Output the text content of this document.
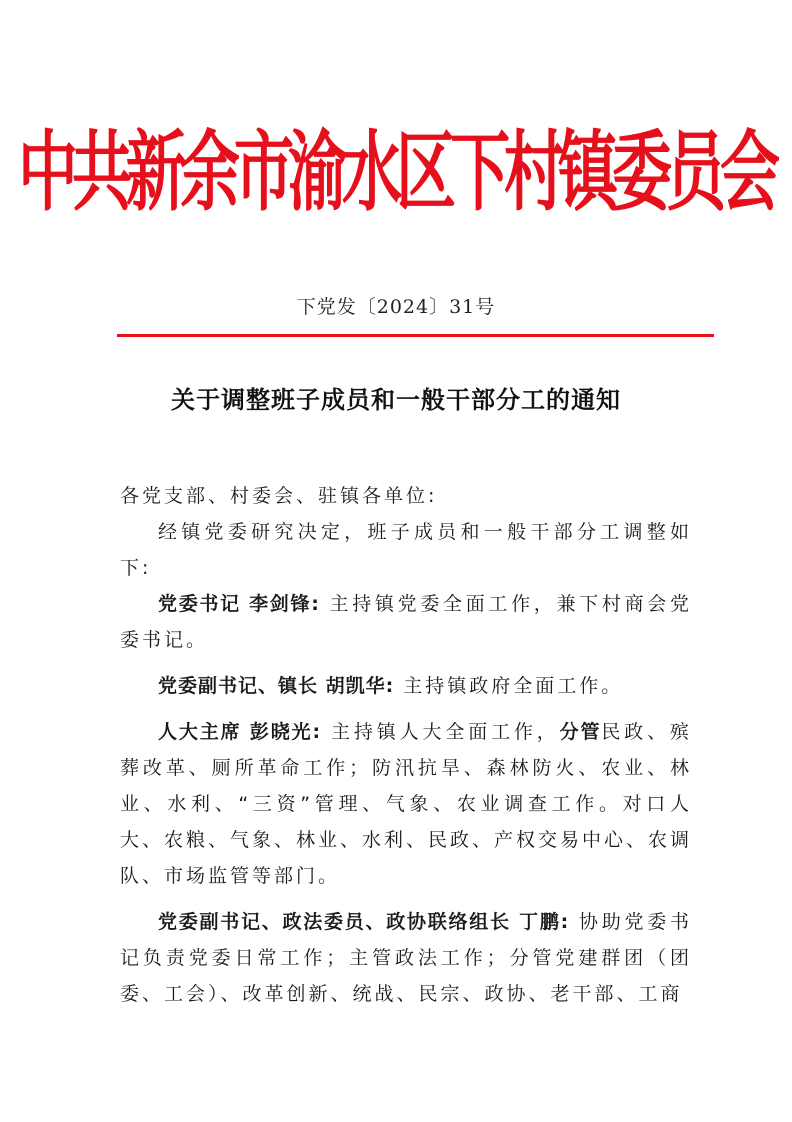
中共新余市渝水区下村镇委员会
下党发〔2024〕31号
关于调整班子成员和一般干部分工的通知

各党支部、村委会、驻镇各单位:

经镇党委研究决定，班子成员和一般干部分工调整如下:

党委书记 李剑锋: 主持镇党委全面工作，兼下村商会党委书记。

党委副书记、镇长 胡凯华: 主持镇政府全面工作。

人大主席 彭晓光: 主持镇人大全面工作，分管民政、殡葬改革、厕所革命工作；防汛抗旱、森林防火、农业、林业、水利、“三资”管理、气象、农业调查工作。对口人大、农粮、气象、林业、水利、民政、产权交易中心、农调队、市场监管等部门。

党委副书记、政法委员、政协联络组长 丁鹏: 协助党委书记负责党委日常工作；主管政法工作；分管党建群团（团委、工会）、改革创新、统战、民宗、政协、老干部、工商
